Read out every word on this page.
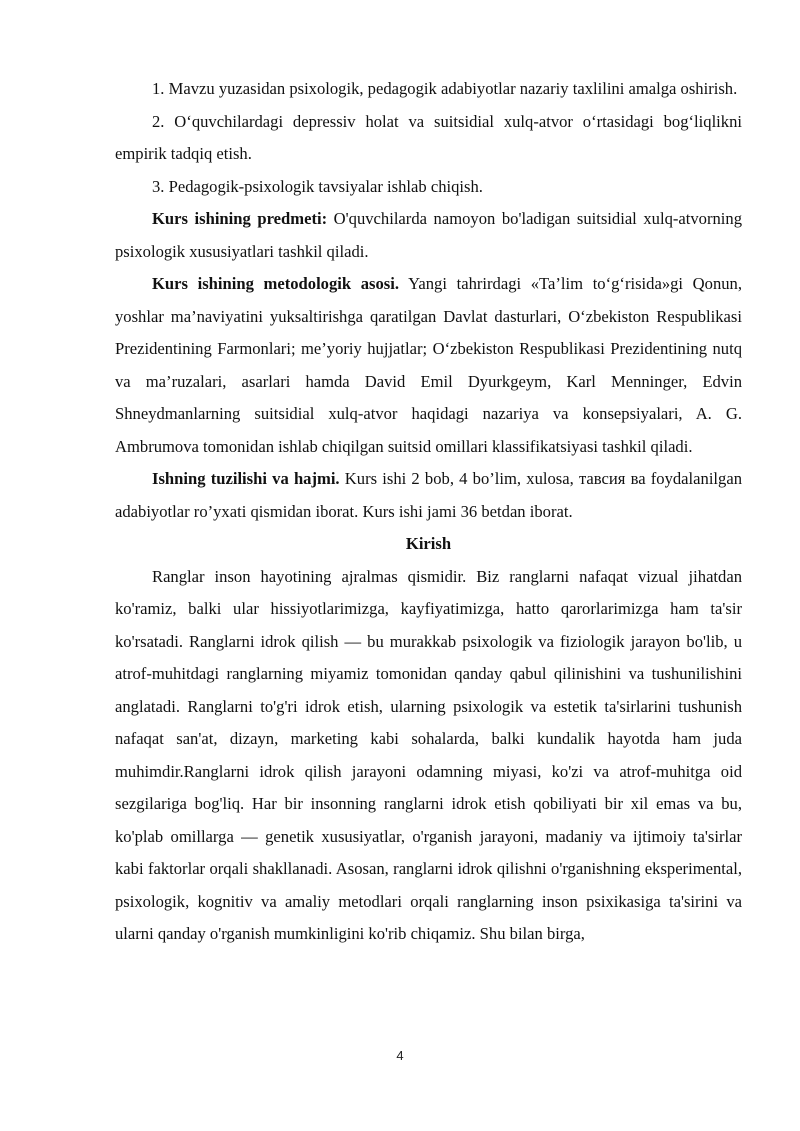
1. Mavzu yuzasidan psixologik, pedagogik adabiyotlar nazariy taxlilini amalga oshirish.

2. O‘quvchilardagi depressiv holat va suitsidial xulq-atvor o‘rtasidagi bog‘liqlikni empirik tadqiq etish.

3. Pedagogik-psixologik tavsiyalar ishlab chiqish.

Kurs ishining predmeti: O'quvchilarda namoyon bo'ladigan suitsidial xulq-atvorning psixologik xususiyatlari tashkil qiladi.

Kurs ishining metodologik asosi. Yangi tahrirdagi «Ta’lim to‘g‘risida»gi Qonun, yoshlar ma’naviyatini yuksaltirishga qaratilgan Davlat dasturlari, O‘zbekiston Respublikasi Prezidentining Farmonlari; me’yoriy hujjatlar; O‘zbekiston Respublikasi Prezidentining nutq va ma’ruzalari, asarlari hamda David Emil Dyurkgeym, Karl Menninger, Edvin Shneydmanlarning suitsidial xulq-atvor haqidagi nazariya va konsepsiyalari, A. G. Ambrumova tomonidan ishlab chiqilgan suitsid omillari klassifikatsiyasi tashkil qiladi.

Ishning tuzilishi va hajmi. Kurs ishi 2 bob, 4 bo’lim, xulosa, тавсия ва foydalanilgan adabiyotlar ro’yxati qismidan iborat. Kurs ishi jami 36 betdan iborat.

Kirish

Ranglar inson hayotining ajralmas qismidir. Biz ranglarni nafaqat vizual jihatdan ko'ramiz, balki ular hissiyotlarimizga, kayfiyatimizga, hatto qarorlarimizga ham ta'sir ko'rsatadi. Ranglarni idrok qilish — bu murakkab psixologik va fiziologik jarayon bo'lib, u atrof-muhitdagi ranglarning miyamiz tomonidan qanday qabul qilinishini va tushunilishini anglatadi. Ranglarni to'g'ri idrok etish, ularning psixologik va estetik ta'sirlarini tushunish nafaqat san'at, dizayn, marketing kabi sohalarda, balki kundalik hayotda ham juda muhimdir.Ranglarni idrok qilish jarayoni odamning miyasi, ko'zi va atrof-muhitga oid sezgilariga bog'liq. Har bir insonning ranglarni idrok etish qobiliyati bir xil emas va bu, ko'plab omillarga — genetik xususiyatlar, o'rganish jarayoni, madaniy va ijtimoiy ta'sirlar kabi faktorlar orqali shakllanadi. Asosan, ranglarni idrok qilishni o'rganishning eksperimental, psixologik, kognitiv va amaliy metodlari orqali ranglarning inson psixikasiga ta'sirini va ularni qanday o'rganish mumkinligini ko'rib chiqamiz. Shu bilan birga,

4
